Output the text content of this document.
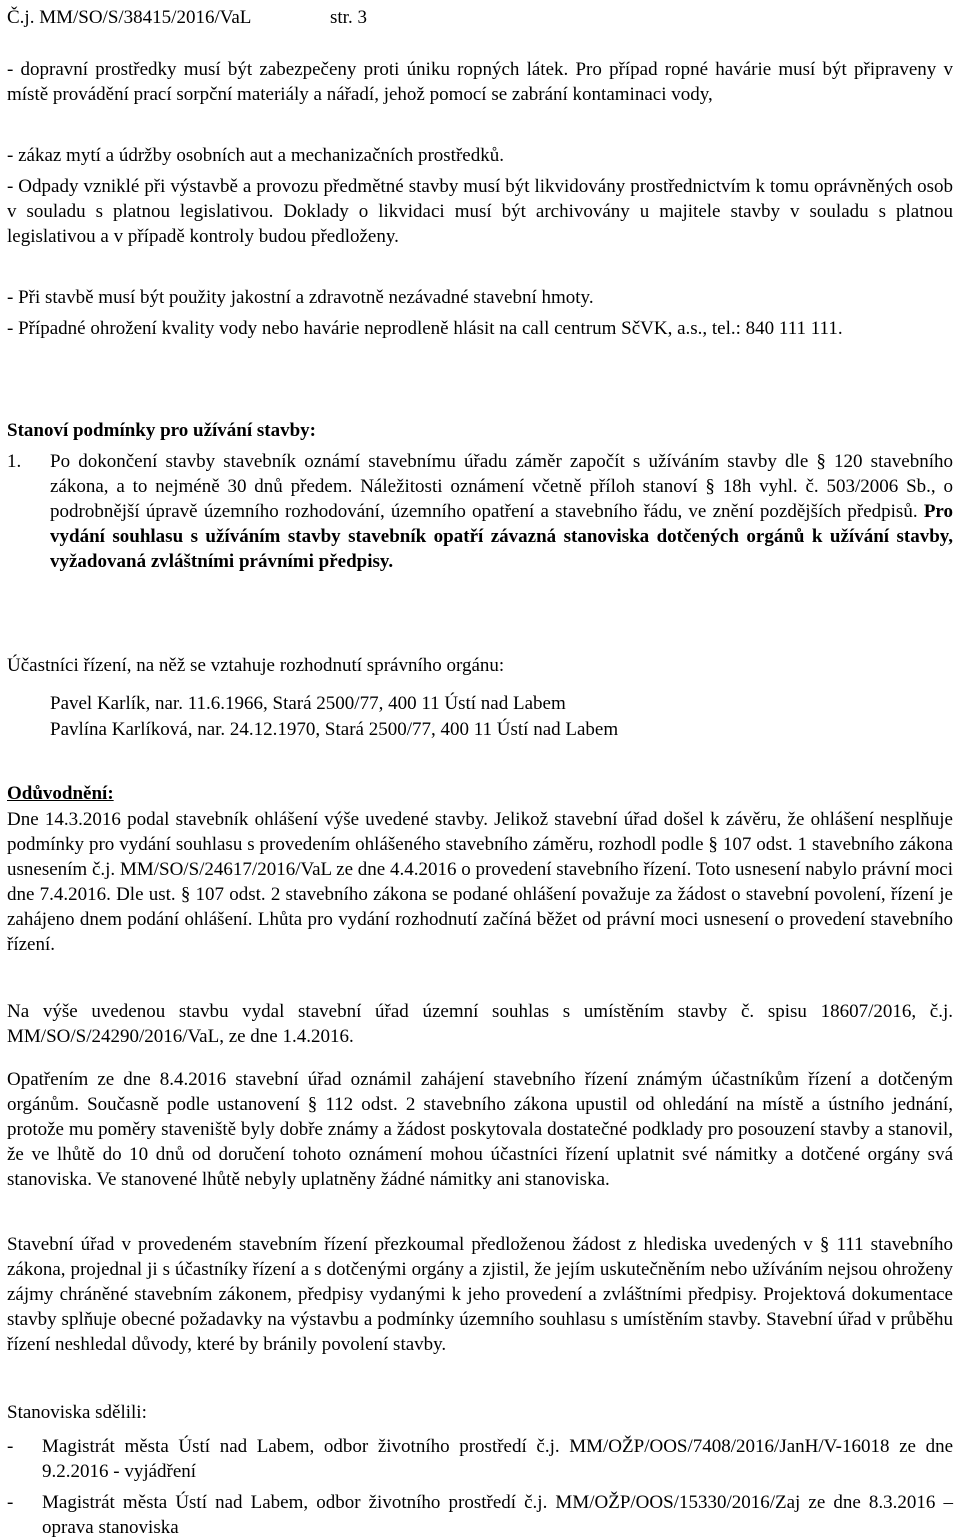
Č.j. MM/SO/S/38415/2016/VaL	str. 3
- dopravní prostředky musí být zabezpečeny proti úniku ropných látek. Pro případ ropné havárie musí být připraveny v místě provádění prací sorpční materiály a nářadí, jehož pomocí se zabrání kontaminaci vody,
- zákaz mytí a údržby osobních aut a mechanizačních prostředků.
- Odpady vzniklé při výstavbě a provozu předmětné stavby musí být likvidovány prostřednictvím k tomu oprávněných osob v souladu s platnou legislativou. Doklady o likvidaci musí být archivovány u majitele stavby v souladu s platnou legislativou a v případě kontroly budou předloženy.
- Při stavbě musí být použity jakostní a zdravotně nezávadné stavební hmoty.
- Případné ohrožení kvality vody nebo havárie neprodleně hlásit na call centrum SčVK, a.s., tel.: 840 111 111.
Stanoví podmínky pro užívání stavby:
1. Po dokončení stavby stavebník oznámí stavebnímu úřadu záměr započít s užíváním stavby dle § 120 stavebního zákona, a to nejméně 30 dnů předem. Náležitosti oznámení včetně příloh stanoví § 18h vyhl. č. 503/2006 Sb., o podrobnější úpravě územního rozhodování, územního opatření a stavebního řádu, ve znění pozdějších předpisů. Pro vydání souhlasu s užíváním stavby stavebník opatří závazná stanoviska dotčených orgánů k užívání stavby, vyžadovaná zvláštními právními předpisy.
Účastníci řízení, na něž se vztahuje rozhodnutí správního orgánu:
Pavel Karlík, nar. 11.6.1966, Stará 2500/77, 400 11 Ústí nad Labem
Pavlína Karlíková, nar. 24.12.1970, Stará 2500/77, 400 11 Ústí nad Labem
Odůvodnění:
Dne 14.3.2016 podal stavebník ohlášení výše uvedené stavby. Jelikož stavební úřad došel k závěru, že ohlášení nesplňuje podmínky pro vydání souhlasu s provedením ohlášeného stavebního záměru, rozhodl podle § 107 odst. 1 stavebního zákona usnesením č.j. MM/SO/S/24617/2016/VaL ze dne 4.4.2016 o provedení stavebního řízení. Toto usnesení nabylo právní moci dne 7.4.2016. Dle ust. § 107 odst. 2 stavebního zákona se podané ohlášení považuje za žádost o stavební povolení, řízení je zahájeno dnem podání ohlášení. Lhůta pro vydání rozhodnutí začíná běžet od právní moci usnesení o provedení stavebního řízení.
Na výše uvedenou stavbu vydal stavební úřad územní souhlas s umístěním stavby č. spisu 18607/2016, č.j. MM/SO/S/24290/2016/VaL, ze dne 1.4.2016.
Opatřením ze dne 8.4.2016 stavební úřad oznámil zahájení stavebního řízení známým účastníkům řízení a dotčeným orgánům. Současně podle ustanovení § 112 odst. 2 stavebního zákona upustil od ohledání na místě a ústního jednání, protože mu poměry staveniště byly dobře známy a žádost poskytovala dostatečné podklady pro posouzení stavby a stanovil, že ve lhůtě do 10 dnů od doručení tohoto oznámení mohou účastníci řízení uplatnit své námitky a dotčené orgány svá stanoviska. Ve stanovené lhůtě nebyly uplatněny žádné námitky ani stanoviska.
Stavební úřad v provedeném stavebním řízení přezkoumal předloženou žádost z hlediska uvedených v § 111 stavebního zákona, projednal ji s účastníky řízení a s dotčenými orgány a zjistil, že jejím uskutečněním nebo užíváním nejsou ohroženy zájmy chráněné stavebním zákonem, předpisy vydanými k jeho provedení a zvláštními předpisy. Projektová dokumentace stavby splňuje obecné požadavky na výstavbu a podmínky územního souhlasu s umístěním stavby. Stavební úřad v průběhu řízení neshledal důvody, které by bránily povolení stavby.
Stanoviska sdělili:
- Magistrát města Ústí nad Labem, odbor životního prostředí č.j. MM/OŽP/OOS/7408/2016/JanH/V-16018 ze dne 9.2.2016 - vyjádření
- Magistrát města Ústí nad Labem, odbor životního prostředí č.j. MM/OŽP/OOS/15330/2016/Zaj ze dne 8.3.2016 – oprava stanoviska
